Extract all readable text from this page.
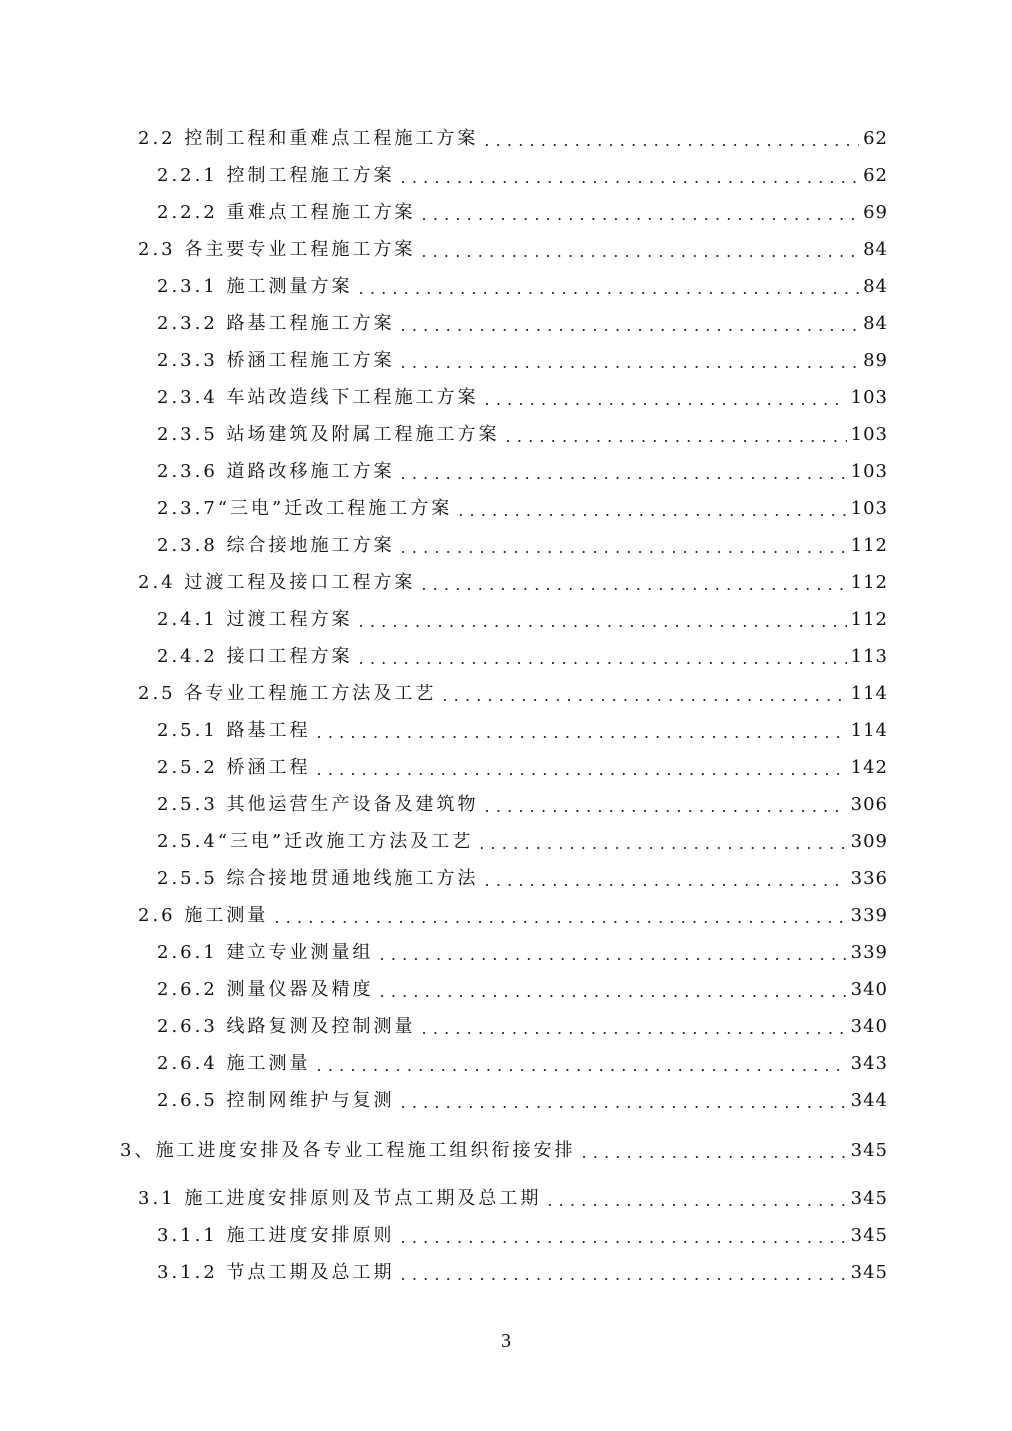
2.2 控制工程和重难点工程施工方案 .....	62
2.2.1 控制工程施工方案 .....	62
2.2.2 重难点工程施工方案 .....	69
2.3 各主要专业工程施工方案 .....	84
2.3.1 施工测量方案 .....	84
2.3.2 路基工程施工方案 .....	84
2.3.3 桥涵工程施工方案 .....	89
2.3.4 车站改造线下工程施工方案 .....	103
2.3.5 站场建筑及附属工程施工方案 .....	103
2.3.6 道路改移施工方案 .....	103
2.3.7“三电”迁改工程施工方案 .....	103
2.3.8 综合接地施工方案 .....	112
2.4 过渡工程及接口工程方案 .....	112
2.4.1 过渡工程方案 .....	112
2.4.2 接口工程方案 .....	113
2.5 各专业工程施工方法及工艺 .....	114
2.5.1 路基工程 .....	114
2.5.2 桥涵工程 .....	142
2.5.3 其他运营生产设备及建筑物 .....	306
2.5.4“三电”迁改施工方法及工艺 .....	309
2.5.5 综合接地贯通地线施工方法 .....	336
2.6 施工测量 .....	339
2.6.1 建立专业测量组 .....	339
2.6.2 测量仪器及精度 .....	340
2.6.3 线路复测及控制测量 .....	340
2.6.4 施工测量 .....	343
2.6.5 控制网维护与复测 .....	344
3、施工进度安排及各专业工程施工组织衔接安排 .....	345
3.1 施工进度安排原则及节点工期及总工期 .....	345
3.1.1 施工进度安排原则 .....	345
3.1.2 节点工期及总工期 .....	345
3
